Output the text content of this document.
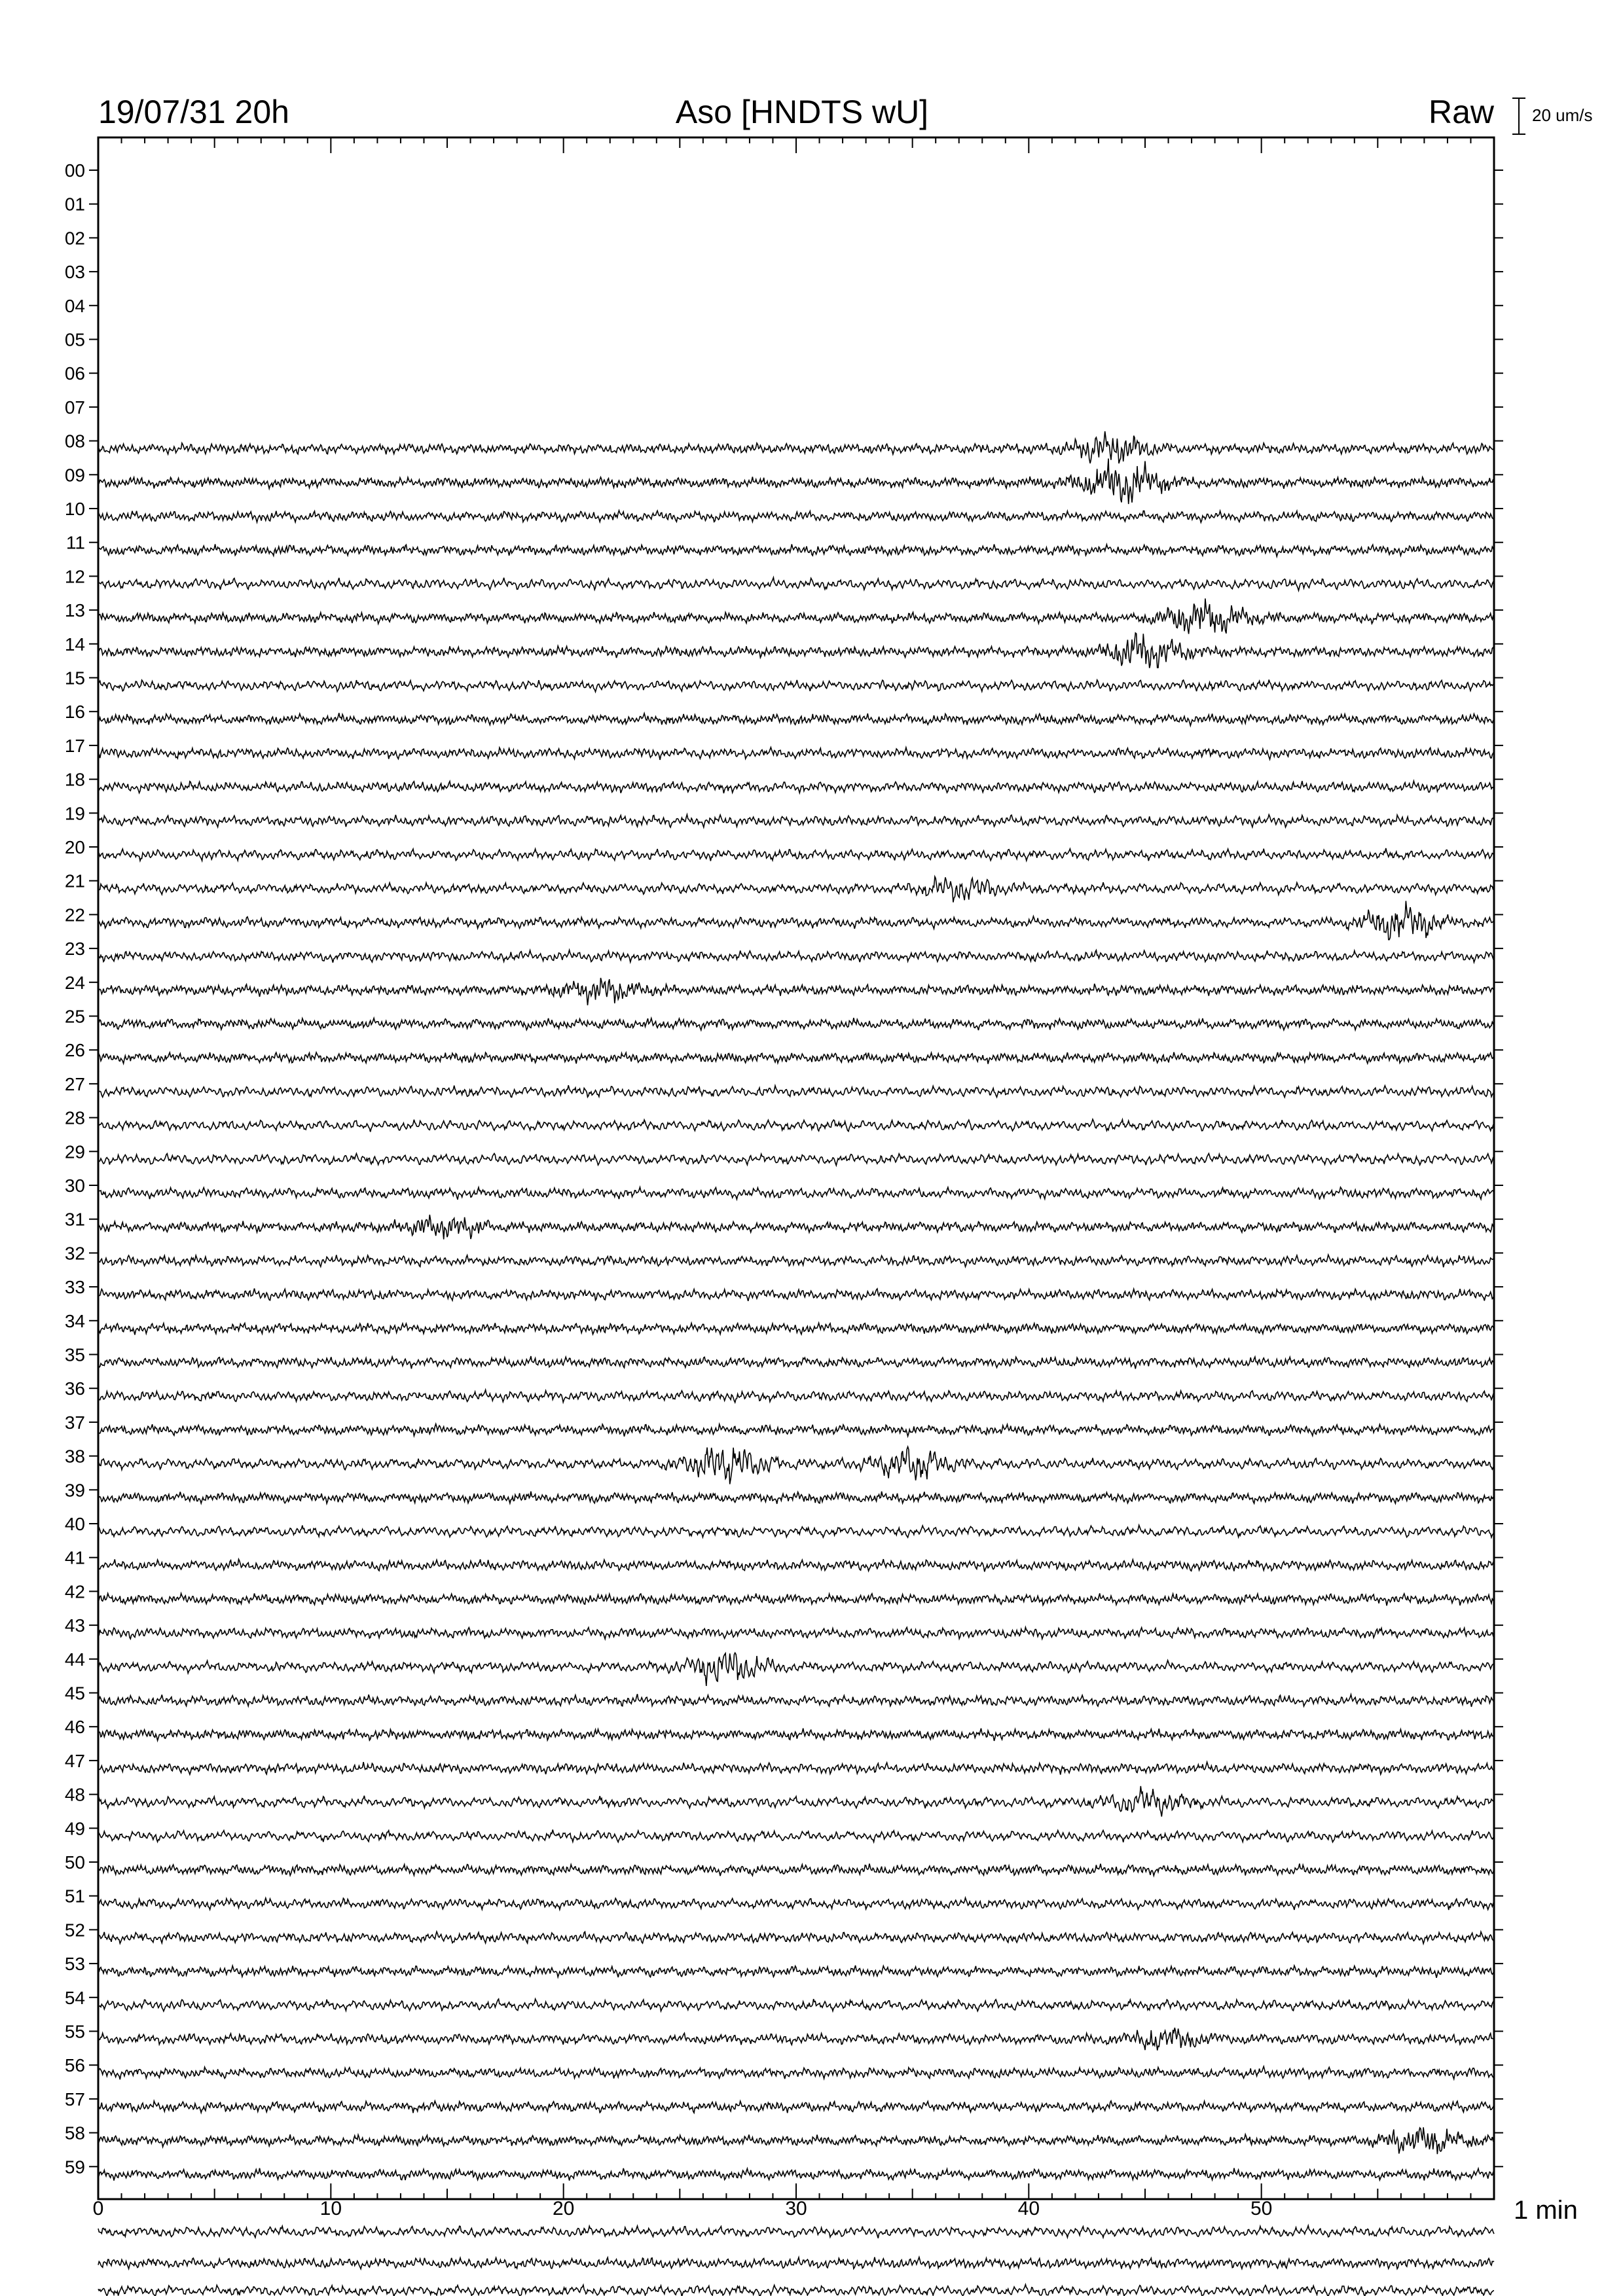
19/07/31 20h	Aso [HNDTS wU]	Raw 20 um/s
0	10	20	30	40	50
00
01
02
03
04
05
06
07
08
09
10
11
12
13
14
15
16
17
18
19
20
21
22
23
24
25
26
27
28
29
30
31
32
33
34
35
36
37
38
39
40
41
42
43
44
45
46
47
48
49
50
51
52
53
54
55
56
57
58
59
1 min
